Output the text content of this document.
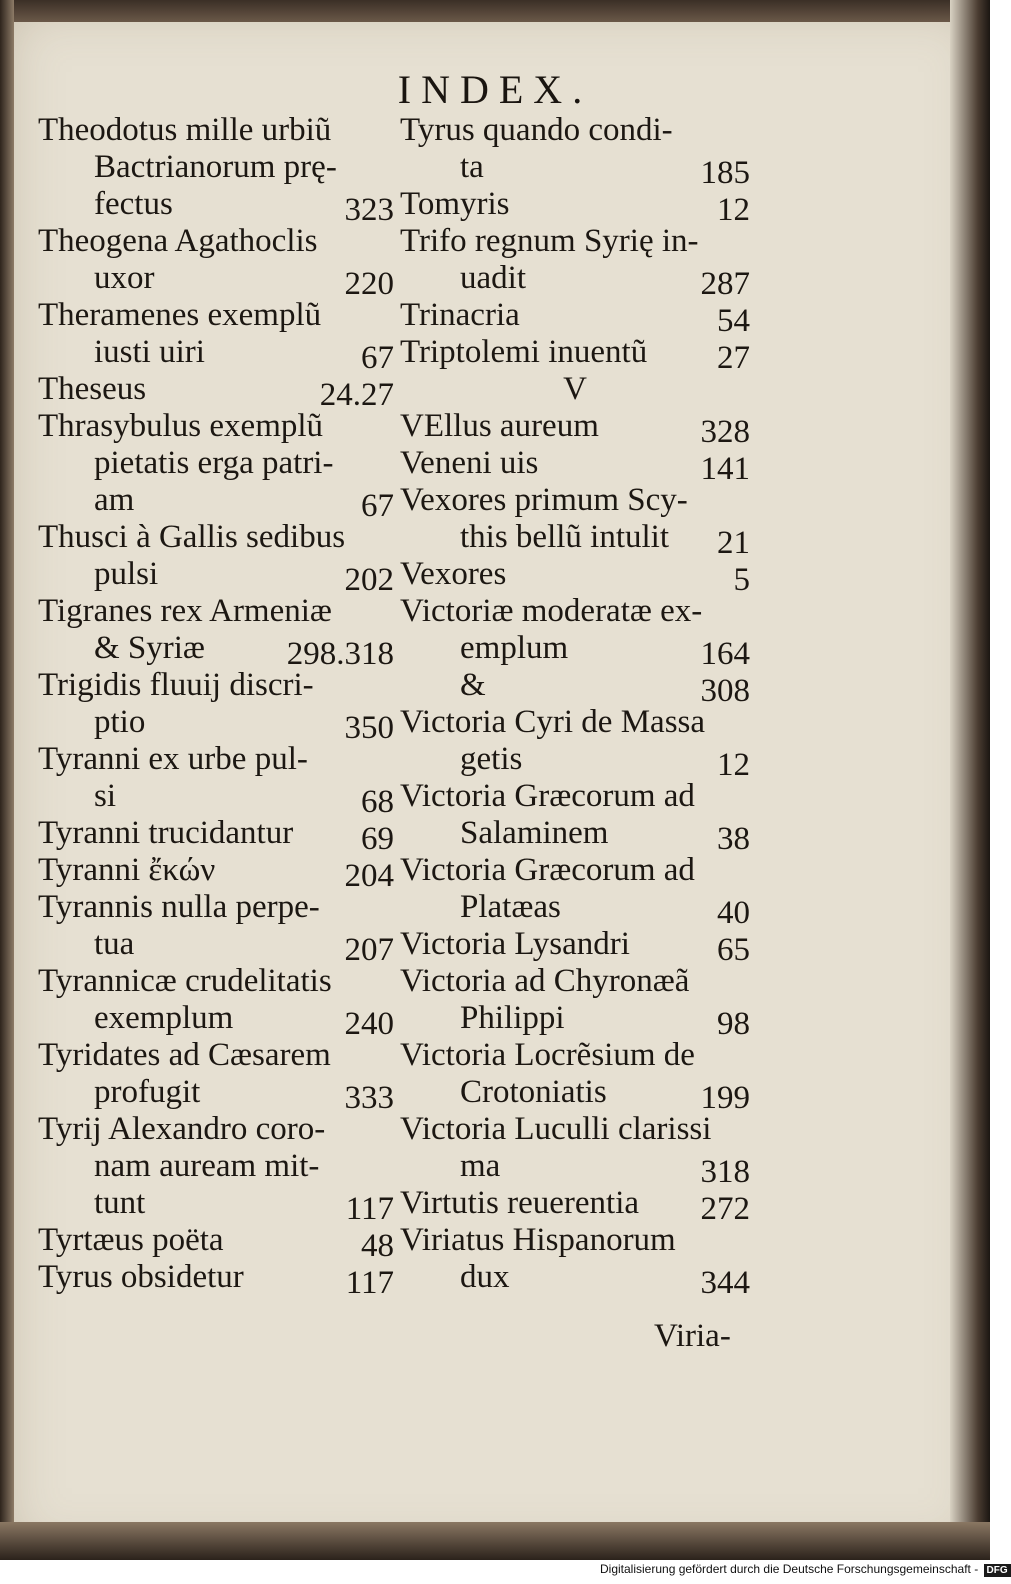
INDEX.
Theodotus mille urbiũ
Bactrianorum prę-
fectus	323
Theogena Agathoclis
uxor	220
Theramenes exemplũ
iusti uiri	67
Theseus	24.27
Thrasybulus exemplũ
pietatis erga patri-
am	67
Thusci à Gallis sedibus
pulsi	202
Tigranes rex Armeniæ
& Syriæ 298.318
Trigidis fluuij discri-
ptio	350
Tyranni ex urbe pul-
si	68
Tyranni trucidantur 69
Tyranni ἔκών	204
Tyrannis nulla perpe-
tua	207
Tyrannicæ crudelitatis
exemplum	240
Tyridates ad Cæsarem
profugit	333
Tyrij Alexandro coro-
nam auream mit-
tunt	117
Tyrtæus poëta	48
Tyrus obsidetur	117
Tyrus quando condi-
ta	185
Tomyris	12
Trifo regnum Syrię in-
uadit	287
Trinacria	54
Triptolemi inuentũ 27
V
VEllus aureum	328
Veneni uis	141
Vexores primum Scy-
this bellũ intulit 21
Vexores	5
Victoriæ moderatæ ex-
emplum	164
&	308
Victoria Cyri de Massa
getis	12
Victoria Græcorum ad
Salaminem	38
Victoria Græcorum ad
Platæas	40
Victoria Lysandri	65
Victoria ad Chyronæã
Philippi	98
Victoria Locrẽsium de
Crotoniatis	199
Victoria Luculli clarissi
ma	318
Virtutis reuerentia 272
Viriatus Hispanorum
dux	344
Viria-
Digitalisierung gefördert durch die Deutsche Forschungsgemeinschaft - DFG
